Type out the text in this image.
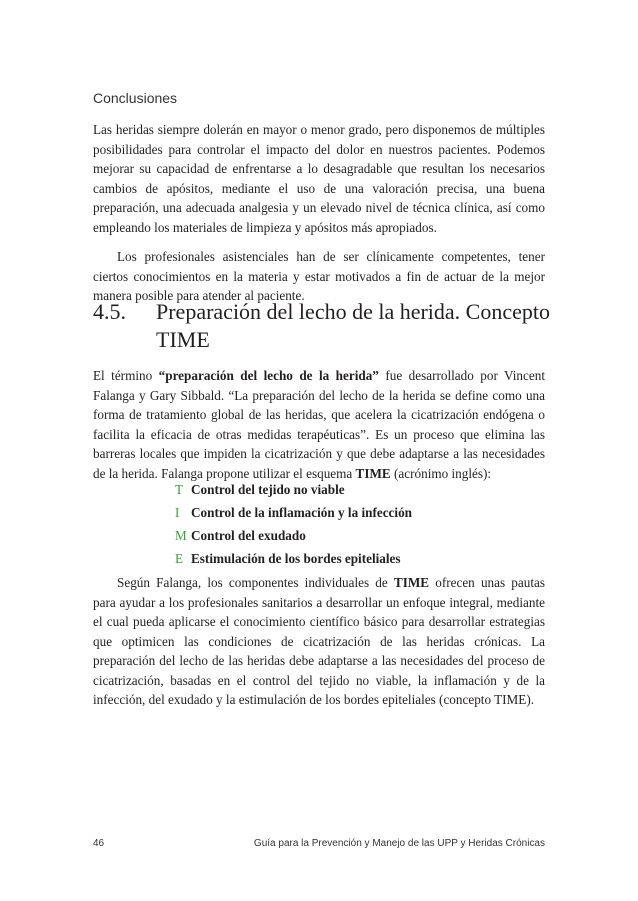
Conclusiones

Las heridas siempre dolerán en mayor o menor grado, pero disponemos de múltiples posibilidades para controlar el impacto del dolor en nuestros pacientes. Podemos mejorar su capacidad de enfrentarse a lo desagradable que resultan los necesarios cambios de apósitos, mediante el uso de una valoración precisa, una buena preparación, una adecuada analgesia y un elevado nivel de técnica clínica, así como empleando los materiales de limpieza y apósitos más apropiados.

Los profesionales asistenciales han de ser clínicamente competentes, tener ciertos conocimientos en la materia y estar motivados a fin de actuar de la mejor manera posible para atender al paciente.

4.5. Preparación del lecho de la herida. Concepto TIME

El término “preparación del lecho de la herida” fue desarrollado por Vincent Falanga y Gary Sibbald. “La preparación del lecho de la herida se define como una forma de tratamiento global de las heridas, que acelera la cicatrización endógena o facilita la eficacia de otras medidas terapéuticas”. Es un proceso que elimina las barreras locales que impiden la cicatrización y que debe adaptarse a las necesidades de la herida. Falanga propone utilizar el esquema TIME (acrónimo inglés):

T Control del tejido no viable
I Control de la inflamación y la infección
M Control del exudado
E Estimulación de los bordes epiteliales

Según Falanga, los componentes individuales de TIME ofrecen unas pautas para ayudar a los profesionales sanitarios a desarrollar un enfoque integral, mediante el cual pueda aplicarse el conocimiento científico básico para desarrollar estrategias que optimicen las condiciones de cicatrización de las heridas crónicas. La preparación del lecho de las heridas debe adaptarse a las necesidades del proceso de cicatrización, basadas en el control del tejido no viable, la inflamación y de la infección, del exudado y la estimulación de los bordes epiteliales (concepto TIME).

46	Guía para la Prevención y Manejo de las UPP y Heridas Crónicas
